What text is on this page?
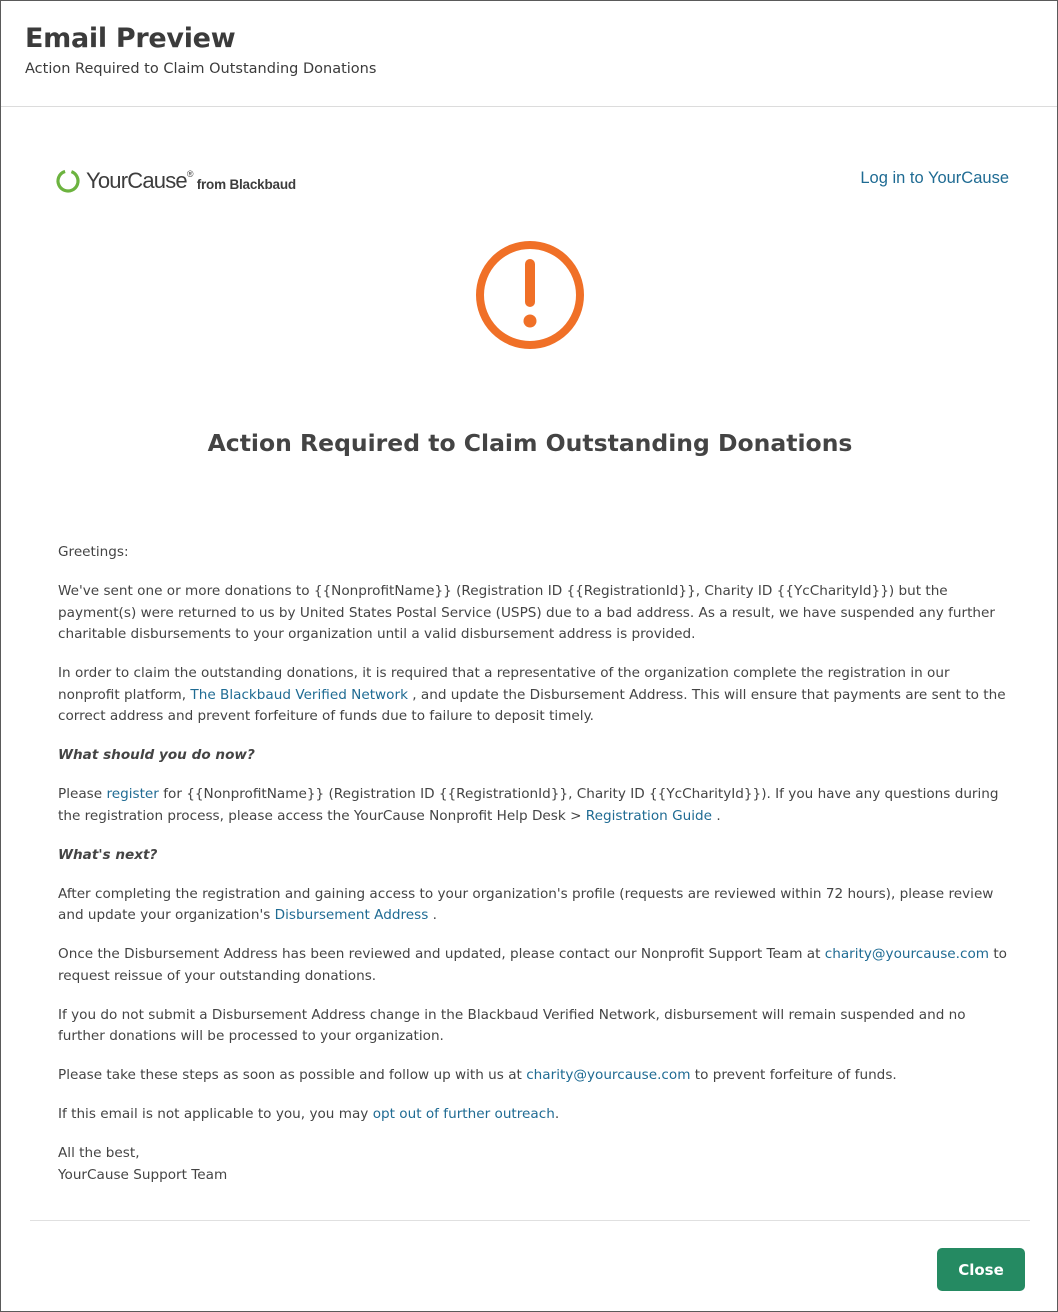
Email Preview
Action Required to Claim Outstanding Donations
YourCause®
from Blackbaud	Log in to YourCause
Action Required to Claim Outstanding Donations

Greetings:

We've sent one or more donations to {{NonprofitName}} (Registration ID {{RegistrationId}}, Charity ID {{YcCharityId}}) but the payment(s) were returned to us by United States Postal Service (USPS) due to a bad address. As a result, we have suspended any further charitable disbursements to your organization until a valid disbursement address is provided.

In order to claim the outstanding donations, it is required that a representative of the organization complete the registration in our nonprofit platform, The Blackbaud Verified Network , and update the Disbursement Address. This will ensure that payments are sent to the correct address and prevent forfeiture of funds due to failure to deposit timely.

What should you do now?

Please register for {{NonprofitName}} (Registration ID {{RegistrationId}}, Charity ID {{YcCharityId}}). If you have any questions during the registration process, please access the YourCause Nonprofit Help Desk > Registration Guide .

What's next?

After completing the registration and gaining access to your organization's profile (requests are reviewed within 72 hours), please review and update your organization's Disbursement Address .

Once the Disbursement Address has been reviewed and updated, please contact our Nonprofit Support Team at charity@yourcause.com to request reissue of your outstanding donations.

If you do not submit a Disbursement Address change in the Blackbaud Verified Network, disbursement will remain suspended and no further donations will be processed to your organization.

Please take these steps as soon as possible and follow up with us at charity@yourcause.com to prevent forfeiture of funds.

If this email is not applicable to you, you may opt out of further outreach.

All the best,
YourCause Support Team

Close
